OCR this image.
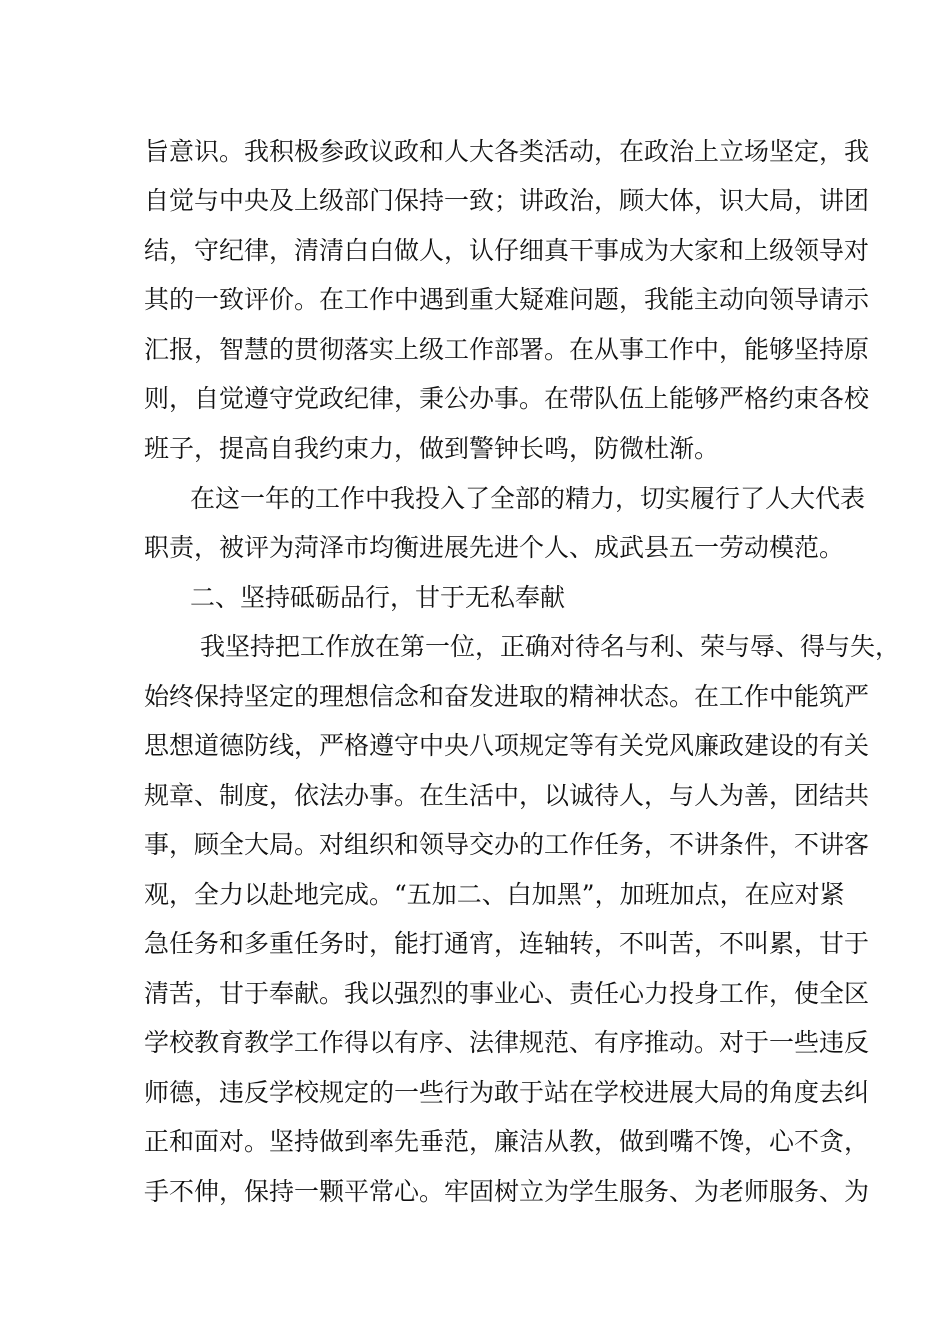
旨意识。我积极参政议政和人大各类活动，在政治上立场坚定，我
自觉与中央及上级部门保持一致；讲政治，顾大体，识大局，讲团
结，守纪律，清清白白做人，认仔细真干事成为大家和上级领导对
其的一致评价。在工作中遇到重大疑难问题，我能主动向领导请示
汇报，智慧的贯彻落实上级工作部署。在从事工作中，能够坚持原
则，自觉遵守党政纪律，秉公办事。在带队伍上能够严格约束各校
班子，提高自我约束力，做到警钟长鸣，防微杜渐。
在这一年的工作中我投入了全部的精力，切实履行了人大代表
职责，被评为菏泽市均衡进展先进个人、成武县五一劳动模范。
二、坚持砥砺品行，甘于无私奉献
我坚持把工作放在第一位，正确对待名与利、荣与辱、得与失，
始终保持坚定的理想信念和奋发进取的精神状态。在工作中能筑严
思想道德防线，严格遵守中央八项规定等有关党风廉政建设的有关
规章、制度，依法办事。在生活中，以诚待人，与人为善，团结共
事，顾全大局。对组织和领导交办的工作任务，不讲条件，不讲客
观，全力以赴地完成。“五加二、白加黑”，加班加点，在应对紧
急任务和多重任务时，能打通宵，连轴转，不叫苦，不叫累，甘于
清苦，甘于奉献。我以强烈的事业心、责任心力投身工作，使全区
学校教育教学工作得以有序、法律规范、有序推动。对于一些违反
师德，违反学校规定的一些行为敢于站在学校进展大局的角度去纠
正和面对。坚持做到率先垂范，廉洁从教，做到嘴不馋，心不贪，
手不伸，保持一颗平常心。牢固树立为学生服务、为老师服务、为
